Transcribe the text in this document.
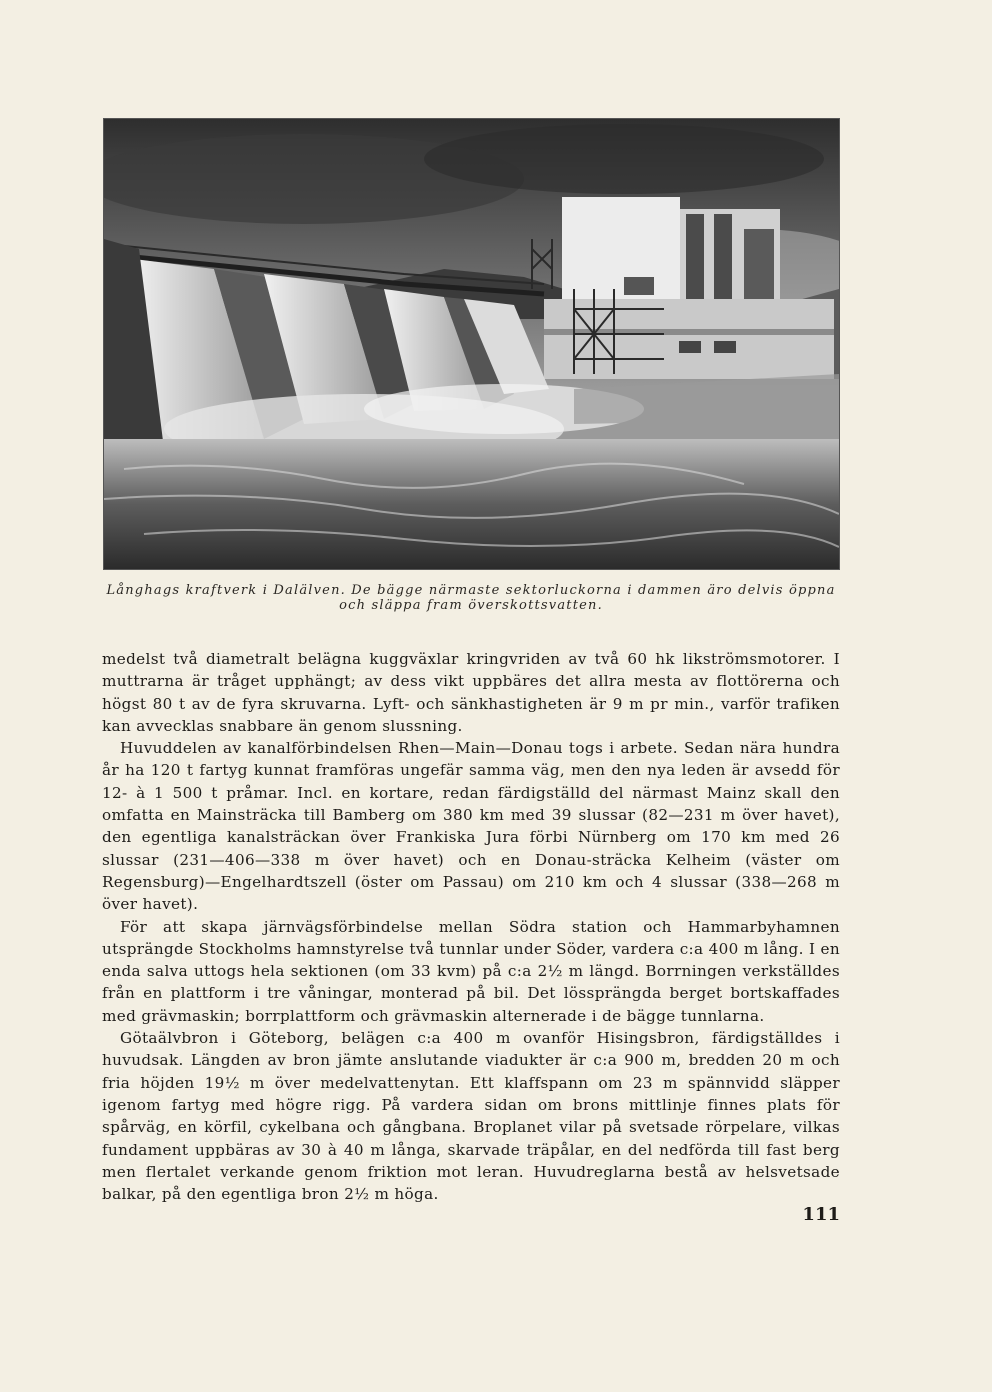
Långhags kraftverk i Dalälven. De bägge närmaste sektorluckorna i dammen äro delvis öppna
och släppa fram överskottsvatten.

medelst två diametralt belägna kuggväxlar kringvriden av två 60 hk likströmsmotorer. I muttrarna är tråget upphängt; av dess vikt uppbäres det allra mesta av flottörerna och högst 80 t av de fyra skruvarna. Lyft- och sänkhastigheten är 9 m pr min., varför trafiken kan avvecklas snabbare än genom slussning.

Huvuddelen av kanalförbindelsen Rhen—Main—Donau togs i arbete. Sedan nära hundra år ha 120 t fartyg kunnat framföras ungefär samma väg, men den nya leden är avsedd för 12- à 1 500 t pråmar. Incl. en kortare, redan färdigställd del närmast Mainz skall den omfatta en Mainsträcka till Bamberg om 380 km med 39 slussar (82—231 m över havet), den egentliga kanalsträckan över Frankiska Jura förbi Nürnberg om 170 km med 26 slussar (231—406—338 m över havet) och en Donau-sträcka Kelheim (väster om Regensburg)—Engelhardtszell (öster om Passau) om 210 km och 4 slussar (338—268 m över havet).

För att skapa järnvägsförbindelse mellan Södra station och Hammarbyhamnen utsprängde Stockholms hamnstyrelse två tunnlar under Söder, vardera c:a 400 m lång. I en enda salva uttogs hela sektionen (om 33 kvm) på c:a 2½ m längd. Borrningen verkställdes från en plattform i tre våningar, monterad på bil. Det lössprängda berget bortskaffades med grävmaskin; borrplattform och grävmaskin alternerade i de bägge tunnlarna.

Götaälvbron i Göteborg, belägen c:a 400 m ovanför Hisingsbron, färdigställdes i huvudsak. Längden av bron jämte anslutande viadukter är c:a 900 m, bredden 20 m och fria höjden 19½ m över medelvattenytan. Ett klaffspann om 23 m spännvidd släpper igenom fartyg med högre rigg. På vardera sidan om brons mittlinje finnes plats för spårväg, en körfil, cykelbana och gångbana. Broplanet vilar på svetsade rörpelare, vilkas fundament uppbäras av 30 à 40 m långa, skarvade träpålar, en del nedförda till fast berg men flertalet verkande genom friktion mot leran. Huvudreglarna bestå av helsvetsade balkar, på den egentliga bron 2½ m höga.

111
